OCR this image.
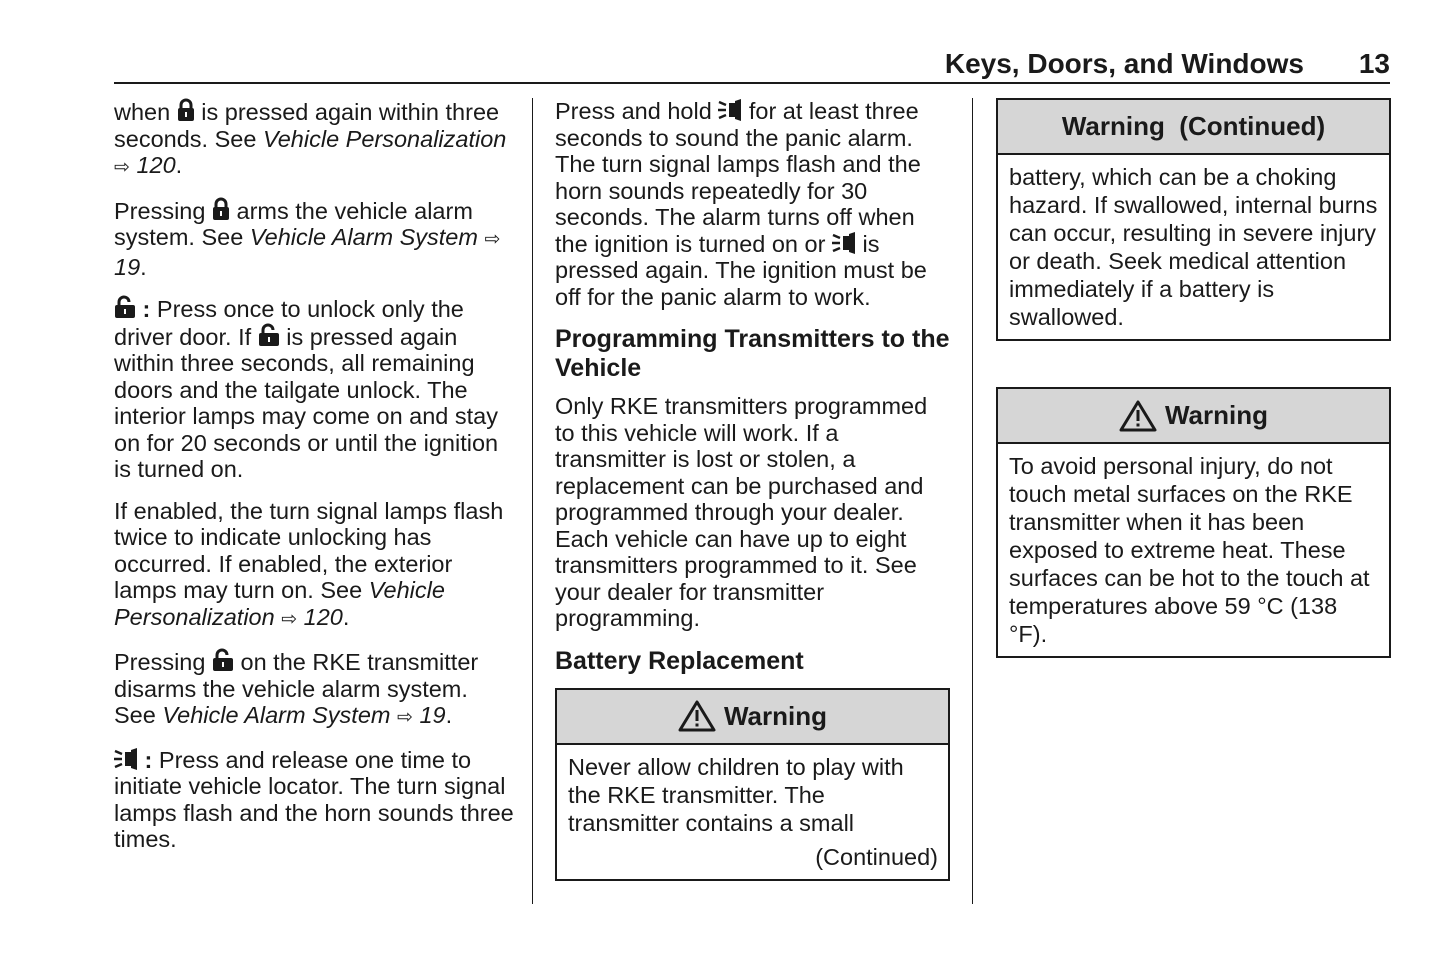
Keys, Doors, and Windows 13

when is pressed again within three seconds. See Vehicle Personalization ⇨ 120.

Pressing arms the vehicle alarm system. See Vehicle Alarm System ⇨ 19.

: Press once to unlock only the driver door. If is pressed again within three seconds, all remaining doors and the tailgate unlock. The interior lamps may come on and stay on for 20 seconds or until the ignition is turned on.

If enabled, the turn signal lamps flash twice to indicate unlocking has occurred. If enabled, the exterior lamps may turn on. See Vehicle Personalization ⇨ 120.

Pressing on the RKE transmitter disarms the vehicle alarm system. See Vehicle Alarm System ⇨ 19.

: Press and release one time to initiate vehicle locator. The turn signal lamps flash and the horn sounds three times.

Press and hold for at least three seconds to sound the panic alarm. The turn signal lamps flash and the horn sounds repeatedly for 30 seconds. The alarm turns off when the ignition is turned on or is pressed again. The ignition must be off for the panic alarm to work.

Programming Transmitters to the Vehicle

Only RKE transmitters programmed to this vehicle will work. If a transmitter is lost or stolen, a replacement can be purchased and programmed through your dealer. Each vehicle can have up to eight transmitters programmed to it. See your dealer for transmitter programming.

Battery Replacement
Warning
Never allow children to play with the RKE transmitter. The transmitter contains a small
(Continued)
Warning  (Continued)
battery, which can be a choking hazard. If swallowed, internal burns can occur, resulting in severe injury or death. Seek medical attention immediately if a battery is swallowed.
Warning
To avoid personal injury, do not touch metal surfaces on the RKE transmitter when it has been exposed to extreme heat. These surfaces can be hot to the touch at temperatures above 59 °C (138 °F).
